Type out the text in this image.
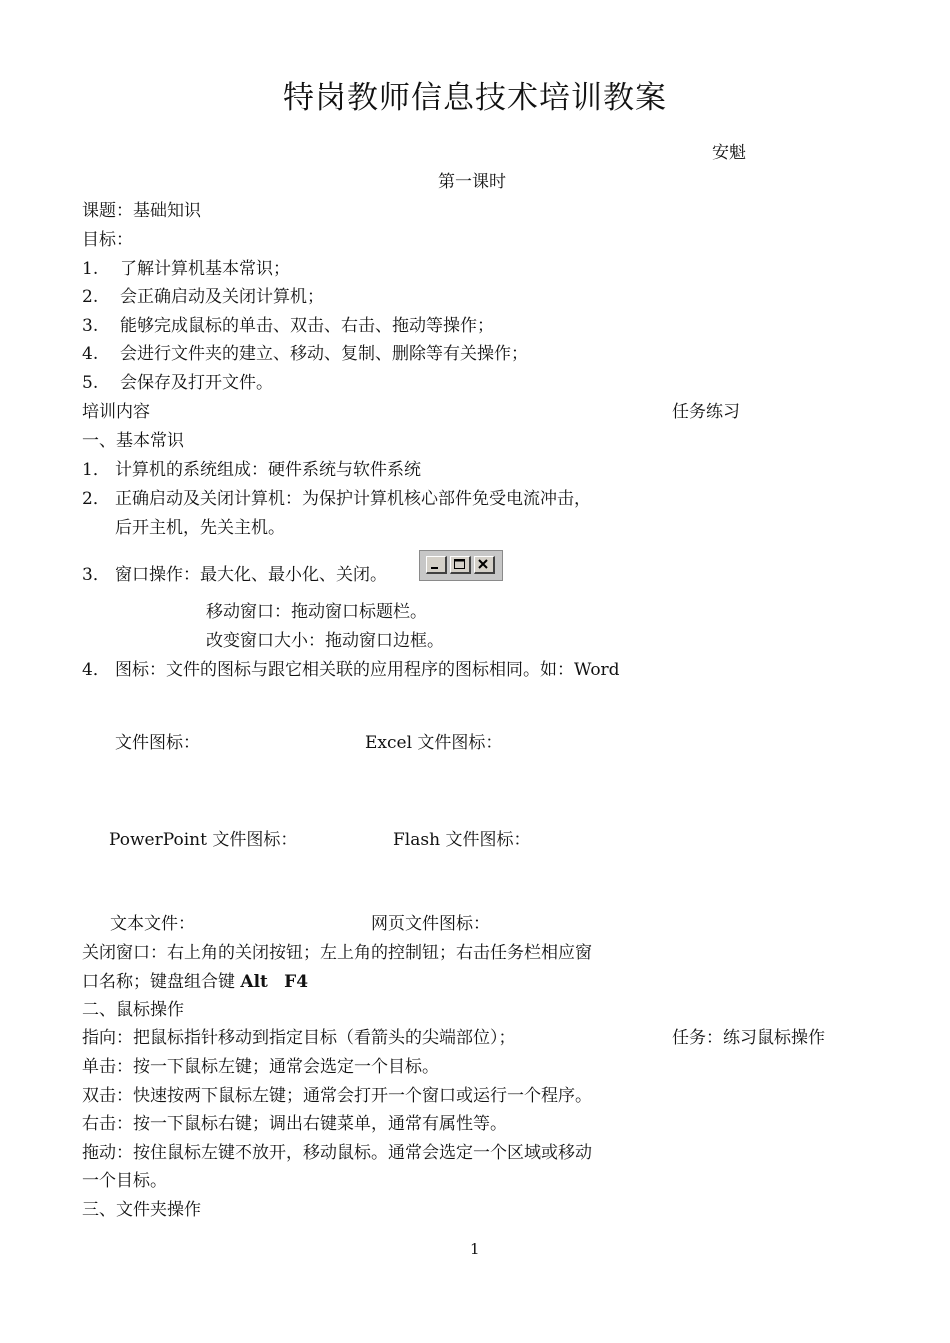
特岗教师信息技术培训教案
安魁
第一课时
课题：基础知识
目标：
1. 了解计算机基本常识；
2. 会正确启动及关闭计算机；
3. 能够完成鼠标的单击、双击、右击、拖动等操作；
4. 会进行文件夹的建立、移动、复制、删除等有关操作；
5. 会保存及打开文件。
培训内容	任务练习
一、基本常识
1． 计算机的系统组成：硬件系统与软件系统
2． 正确启动及关闭计算机：为保护计算机核心部件免受电流冲击，
后开主机，先关主机。
3． 窗口操作：最大化、最小化、关闭。
移动窗口：拖动窗口标题栏。
改变窗口大小：拖动窗口边框。
4． 图标：文件的图标与跟它相关联的应用程序的图标相同。如：Word
文件图标：	Excel 文件图标：
PowerPoint 文件图标：	Flash 文件图标：
文本文件：	网页文件图标：
关闭窗口：右上角的关闭按钮；左上角的控制钮；右击任务栏相应窗
口名称；键盘组合键 Alt F4
二、鼠标操作
指向：把鼠标指针移动到指定目标（看箭头的尖端部位）；	任务：练习鼠标操作
单击：按一下鼠标左键；通常会选定一个目标。
双击：快速按两下鼠标左键；通常会打开一个窗口或运行一个程序。
右击：按一下鼠标右键；调出右键菜单，通常有属性等。
拖动：按住鼠标左键不放开，移动鼠标。通常会选定一个区域或移动
一个目标。
三、文件夹操作
1
